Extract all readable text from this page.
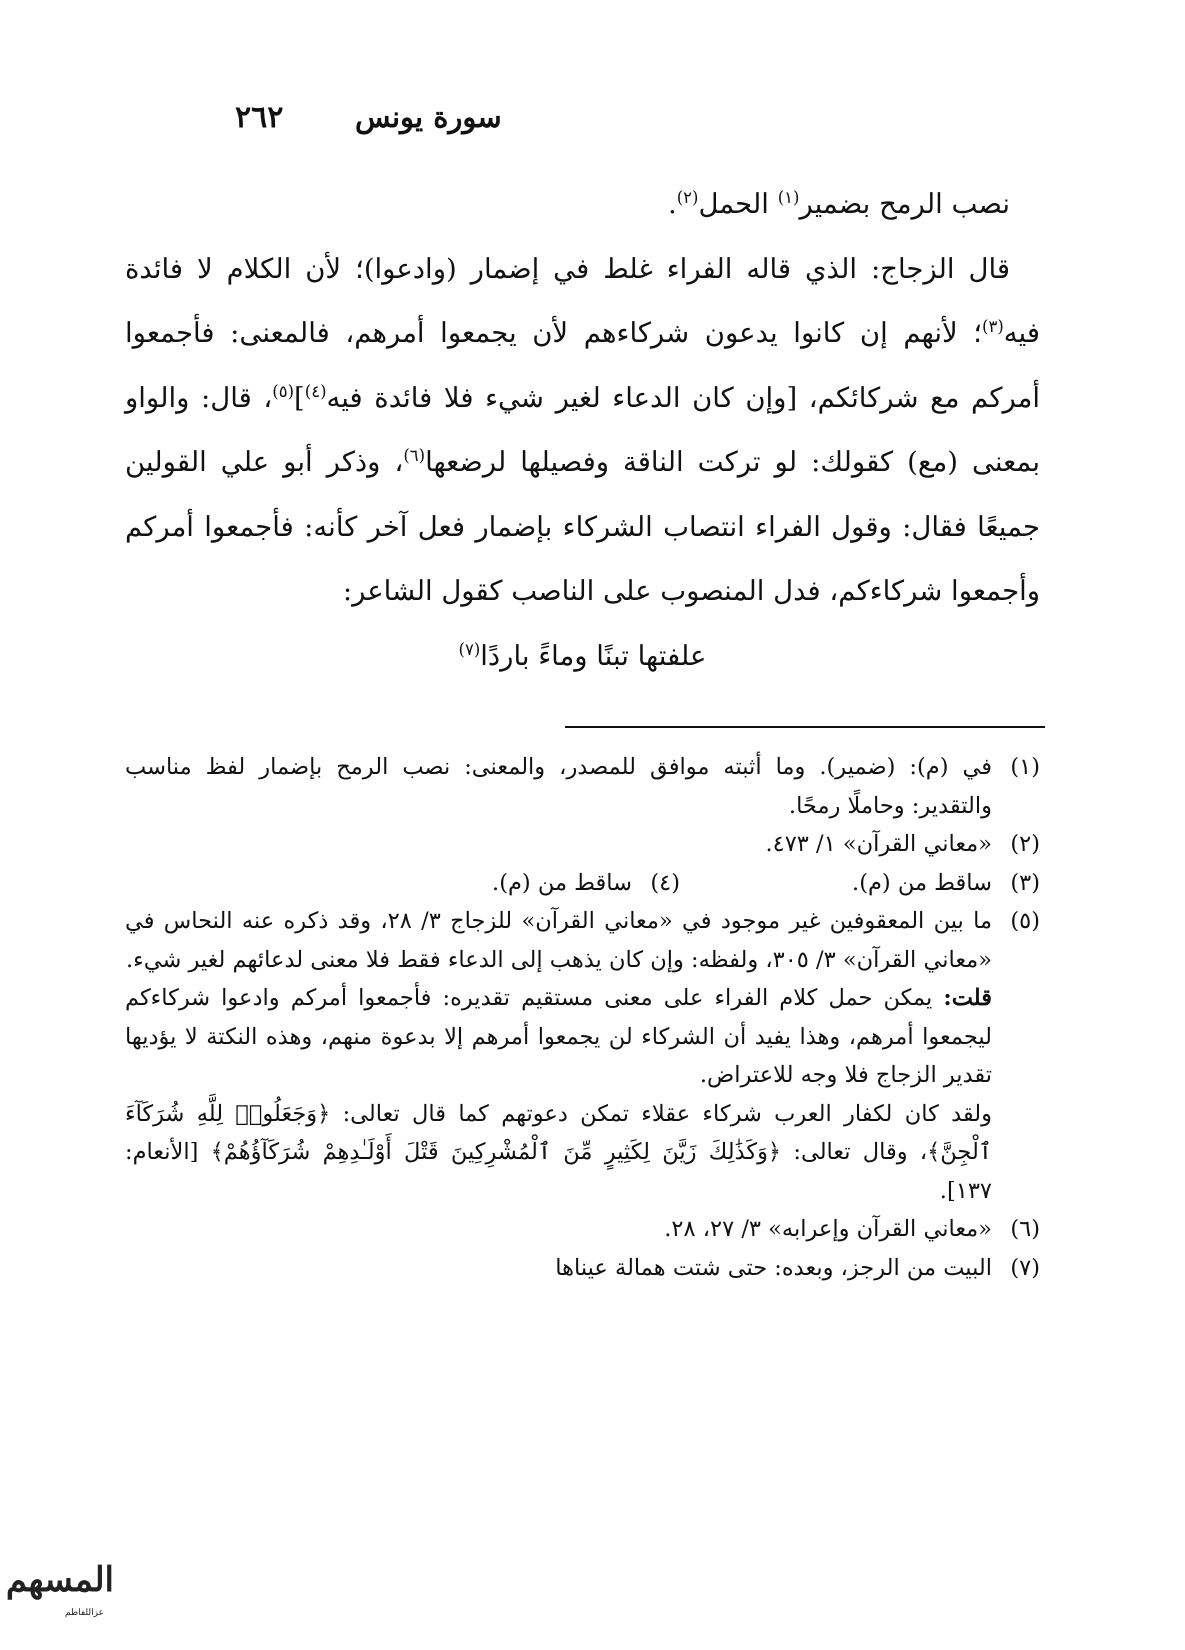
٢٦٢ سورة يونس

نصب الرمح بضمير$^{(١)}$ الحمل$^{(٢)}$.

قال الزجاج: الذي قاله الفراء غلط في إضمار (وادعوا)؛ لأن الكلام لا فائدة فيه$^{(٣)}$؛ لأنهم إن كانوا يدعون شركاءهم لأن يجمعوا أمرهم، فالمعنى: فأجمعوا أمركم مع شركائكم، [وإن كان الدعاء لغير شيء فلا فائدة فيه$^{(٤)}$]$^{(٥)}$، قال: والواو بمعنى (مع) كقولك: لو تركت الناقة وفصيلها لرضعها$^{(٦)}$، وذكر أبو علي القولين جميعًا فقال: وقول الفراء انتصاب الشركاء بإضمار فعل آخر كأنه: فأجمعوا أمركم وأجمعوا شركاءكم، فدل المنصوب على الناصب كقول الشاعر:

علفتها تبنًا وماءً باردًا$^{(٧)}$

(١)
في (م): (ضمير). وما أثبته موافق للمصدر، والمعنى: نصب الرمح بإضمار لفظ مناسب والتقدير: وحاملًا رمحًا.
(٢)
«معاني القرآن» ١/ ٤٧٣.
(٣)
ساقط من (م).
(٤)
ساقط من (م).
(٥)

ما بين المعقوفين غير موجود في «معاني القرآن» للزجاج ٣/ ٢٨، وقد ذكره عنه النحاس في «معاني القرآن» ٣/ ٣٠٥، ولفظه: وإن كان يذهب إلى الدعاء فقط فلا معنى لدعائهم لغير شيء.

قلت: يمكن حمل كلام الفراء على معنى مستقيم تقديره: فأجمعوا أمركم وادعوا شركاءكم ليجمعوا أمرهم، وهذا يفيد أن الشركاء لن يجمعوا أمرهم إلا بدعوة منهم، وهذه النكتة لا يؤديها تقدير الزجاج فلا وجه للاعتراض.

ولقد كان لكفار العرب شركاء عقلاء تمكن دعوتهم كما قال تعالى: ﴿وَجَعَلُوا۟ لِلَّهِ شُرَكَآءَ ٱلْجِنَّ﴾، وقال تعالى: ﴿وَكَذَٰلِكَ زَيَّنَ لِكَثِيرٍ مِّنَ ٱلْمُشْرِكِينَ قَتْلَ أَوْلَـٰدِهِمْ شُرَكَآؤُهُمْ﴾ [الأنعام: ١٣٧].

(٦)
«معاني القرآن وإعرابه» ٣/ ٢٧، ٢٨.
(٧)
البيت من الرجز، وبعده: حتى شتت همالة عيناها
المسهم
عزاللفاطم
